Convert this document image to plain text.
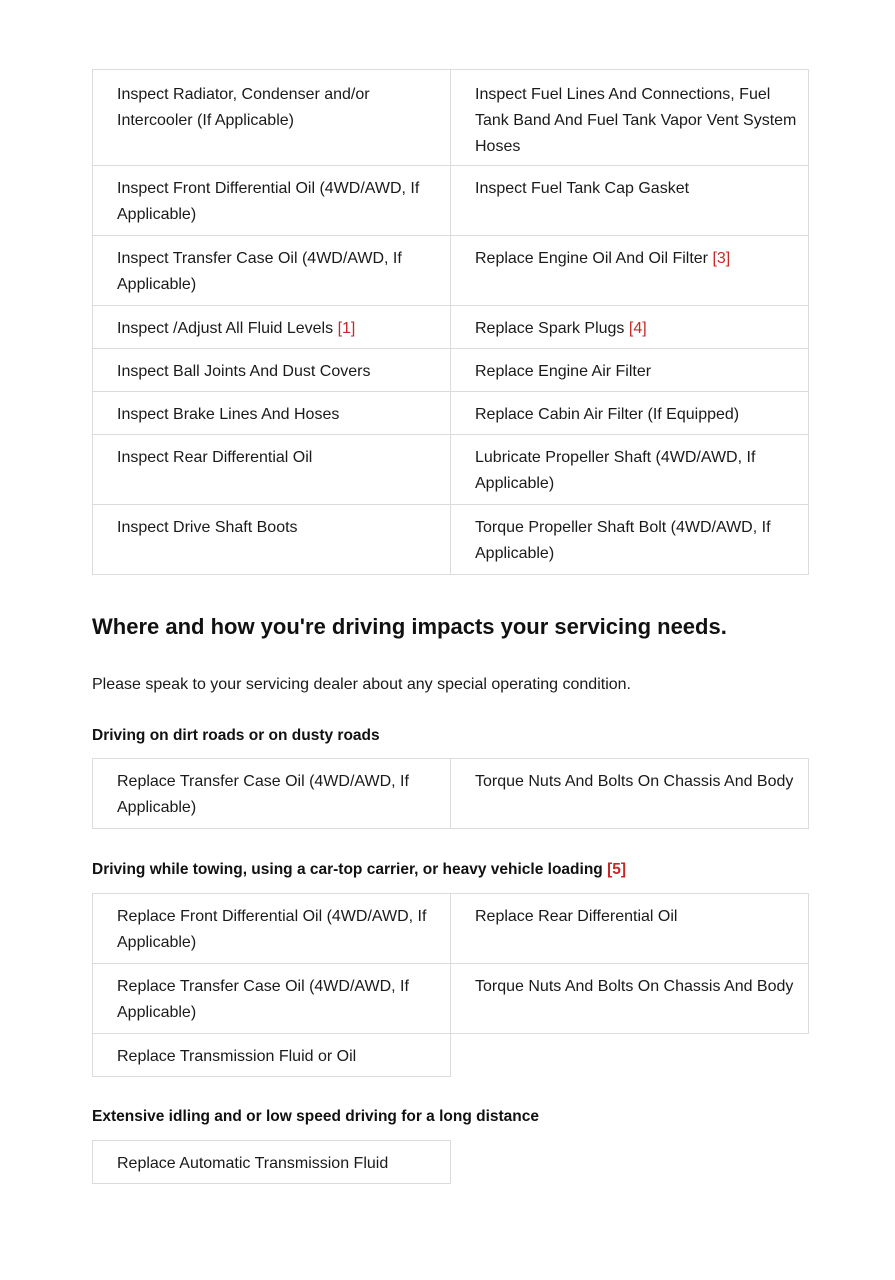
Inspect Radiator, Condenser and/or Intercooler (If Applicable)	Inspect Fuel Lines And Connections, Fuel Tank Band And Fuel Tank Vapor Vent System Hoses
Inspect Front Differential Oil (4WD/AWD, If Applicable)	Inspect Fuel Tank Cap Gasket
Inspect Transfer Case Oil (4WD/AWD, If Applicable)	Replace Engine Oil And Oil Filter [3]
Inspect /Adjust All Fluid Levels [1]	Replace Spark Plugs [4]
Inspect Ball Joints And Dust Covers	Replace Engine Air Filter
Inspect Brake Lines And Hoses	Replace Cabin Air Filter (If Equipped)
Inspect Rear Differential Oil	Lubricate Propeller Shaft (4WD/AWD, If Applicable)
Inspect Drive Shaft Boots	Torque Propeller Shaft Bolt (4WD/AWD, If Applicable)
Where and how you're driving impacts your servicing needs.

Please speak to your servicing dealer about any special operating condition.

Driving on dirt roads or on dusty roads
Replace Transfer Case Oil (4WD/AWD, If Applicable)	Torque Nuts And Bolts On Chassis And Body
Driving while towing, using a car-top carrier, or heavy vehicle loading [5]
Replace Front Differential Oil (4WD/AWD, If Applicable)	Replace Rear Differential Oil
Replace Transfer Case Oil (4WD/AWD, If Applicable)	Torque Nuts And Bolts On Chassis And Body
Replace Transmission Fluid or Oil	
Extensive idling and or low speed driving for a long distance
Replace Automatic Transmission Fluid
